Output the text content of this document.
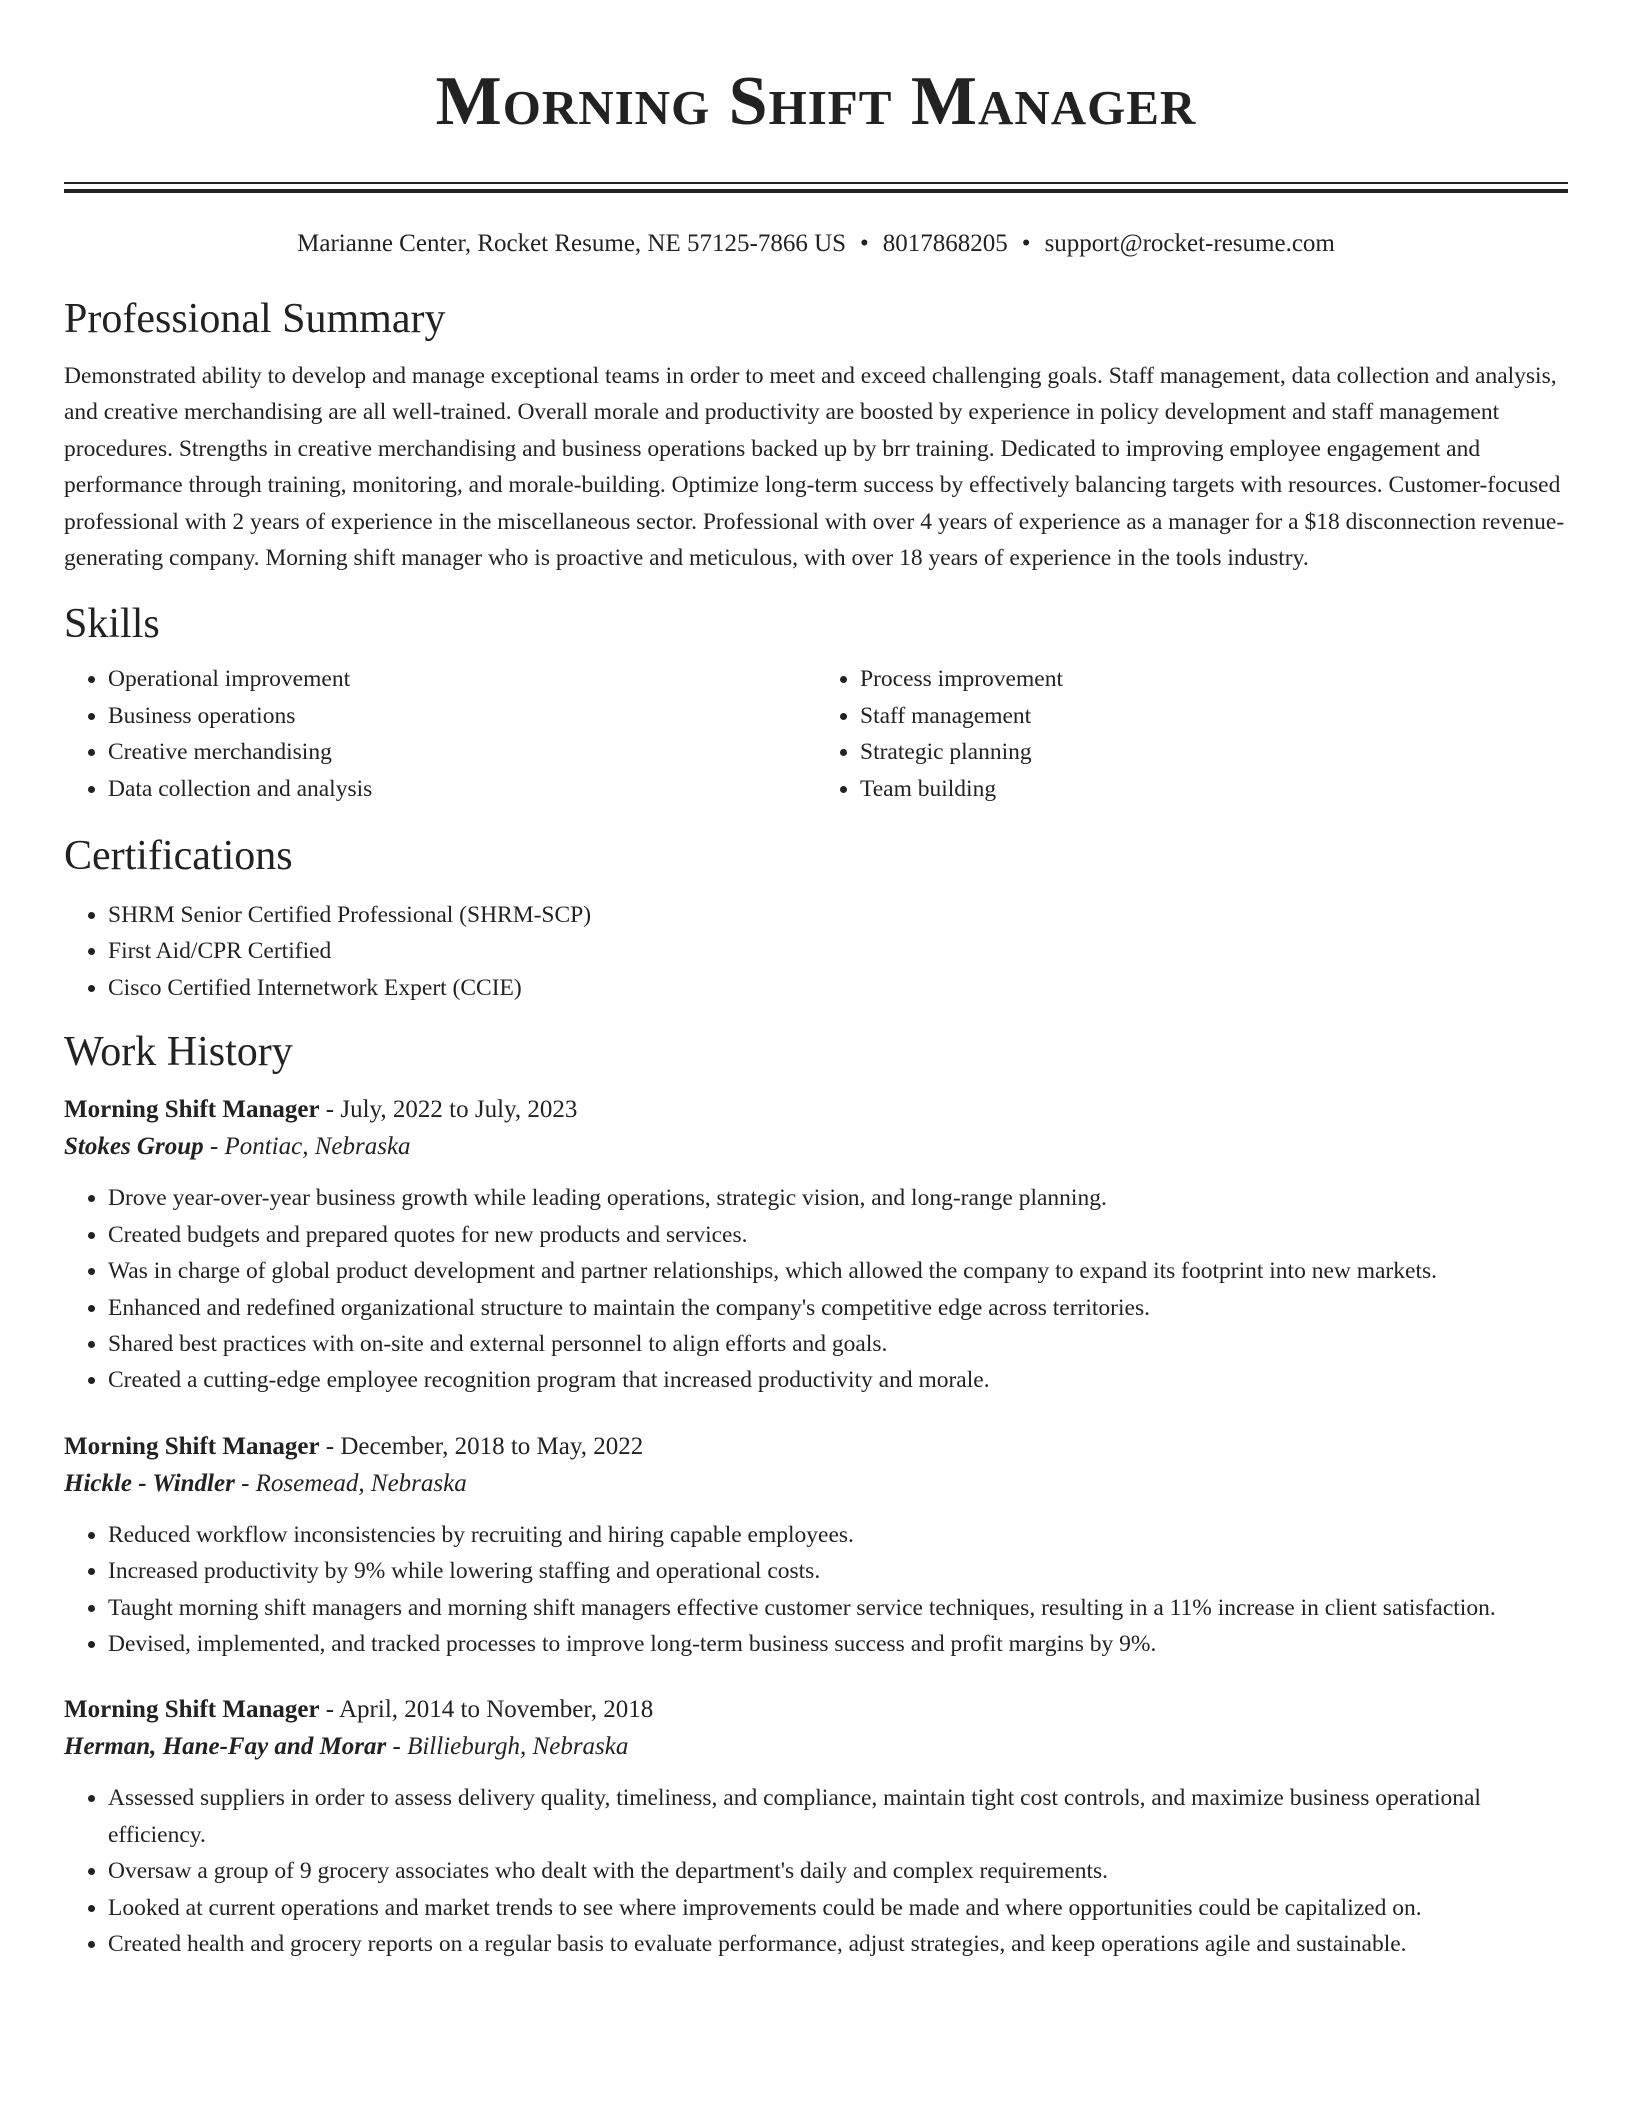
Morning Shift Manager
Marianne Center, Rocket Resume, NE 57125-7866 US • 8017868205 • support@rocket-resume.com
Professional Summary

Demonstrated ability to develop and manage exceptional teams in order to meet and exceed challenging goals. Staff management, data collection and analysis, and creative merchandising are all well-trained. Overall morale and productivity are boosted by experience in policy development and staff management procedures. Strengths in creative merchandising and business operations backed up by brr training. Dedicated to improving employee engagement and performance through training, monitoring, and morale-building. Optimize long-term success by effectively balancing targets with resources. Customer-focused professional with 2 years of experience in the miscellaneous sector. Professional with over 4 years of experience as a manager for a $18 disconnection revenue-generating company. Morning shift manager who is proactive and meticulous, with over 18 years of experience in the tools industry.

Skills
• Operational improvement
• Business operations
• Creative merchandising
• Data collection and analysis
• Process improvement
• Staff management
• Strategic planning
• Team building
Certifications
• SHRM Senior Certified Professional (SHRM-SCP)
• First Aid/CPR Certified
• Cisco Certified Internetwork Expert (CCIE)
Work History
Morning Shift Manager - July, 2022 to July, 2023
Stokes Group - Pontiac, Nebraska
• Drove year-over-year business growth while leading operations, strategic vision, and long-range planning.
• Created budgets and prepared quotes for new products and services.
• Was in charge of global product development and partner relationships, which allowed the company to expand its footprint into new markets.
• Enhanced and redefined organizational structure to maintain the company's competitive edge across territories.
• Shared best practices with on-site and external personnel to align efforts and goals.
• Created a cutting-edge employee recognition program that increased productivity and morale.
Morning Shift Manager - December, 2018 to May, 2022
Hickle - Windler - Rosemead, Nebraska
• Reduced workflow inconsistencies by recruiting and hiring capable employees.
• Increased productivity by 9% while lowering staffing and operational costs.
• Taught morning shift managers and morning shift managers effective customer service techniques, resulting in a 11% increase in client satisfaction.
• Devised, implemented, and tracked processes to improve long-term business success and profit margins by 9%.
Morning Shift Manager - April, 2014 to November, 2018
Herman, Hane-Fay and Morar - Billieburgh, Nebraska
• Assessed suppliers in order to assess delivery quality, timeliness, and compliance, maintain tight cost controls, and maximize business operational efficiency.
• Oversaw a group of 9 grocery associates who dealt with the department's daily and complex requirements.
• Looked at current operations and market trends to see where improvements could be made and where opportunities could be capitalized on.
• Created health and grocery reports on a regular basis to evaluate performance, adjust strategies, and keep operations agile and sustainable.
